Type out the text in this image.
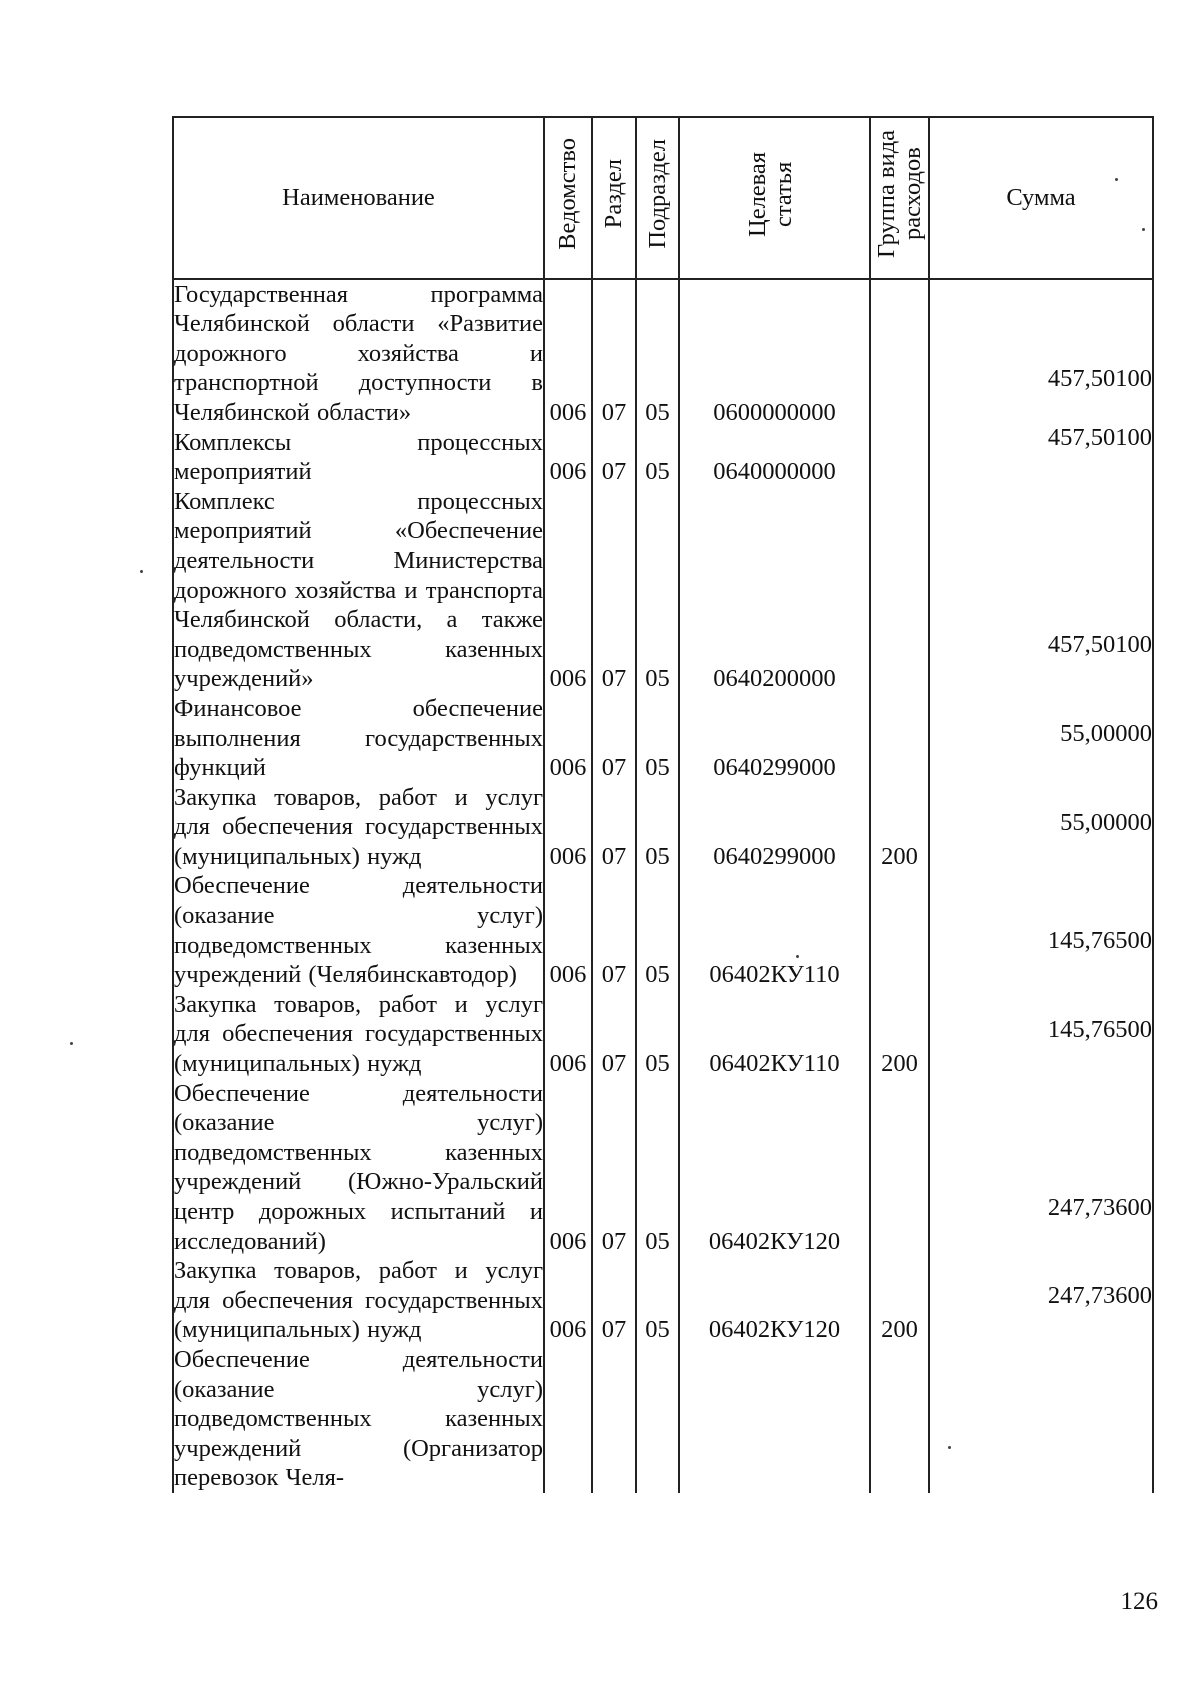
Наименование	Ведомство	Раздел	Подраздел	Целевая статья	Группа вида расходов	Сумма
Государственная программа Челябинской области «Развитие дорожного хозяйства и транспортной доступности в Челябинской области»	006	07	05	0600000000		457,50100
Комплексы процессных мероприятий	006	07	05	0640000000		457,50100
Комплекс процессных мероприятий «Обеспечение деятельности Министерства дорожного хозяйства и транспорта Челябинской области, а также подведомственных казенных учреждений»	006	07	05	0640200000		457,50100
Финансовое обеспечение выполнения государственных функций	006	07	05	0640299000		55,00000
Закупка товаров, работ и услуг для обеспечения государственных (муниципальных) нужд	006	07	05	0640299000	200	55,00000
Обеспечение деятельности (оказание услуг) подведомственных казенных учреждений (Челябинскавтодор)	006	07	05	06402КУ110		145,76500
Закупка товаров, работ и услуг для обеспечения государственных (муниципальных) нужд	006	07	05	06402КУ110	200	145,76500
Обеспечение деятельности (оказание услуг) подведомственных казенных учреждений (Южно-Уральский центр дорожных испытаний и исследований)	006	07	05	06402КУ120		247,73600
Закупка товаров, работ и услуг для обеспечения государственных (муниципальных) нужд	006	07	05	06402КУ120	200	247,73600
Обеспечение деятельности (оказание услуг) подведомственных казенных учреждений (Организатор перевозок Челя-						
126
